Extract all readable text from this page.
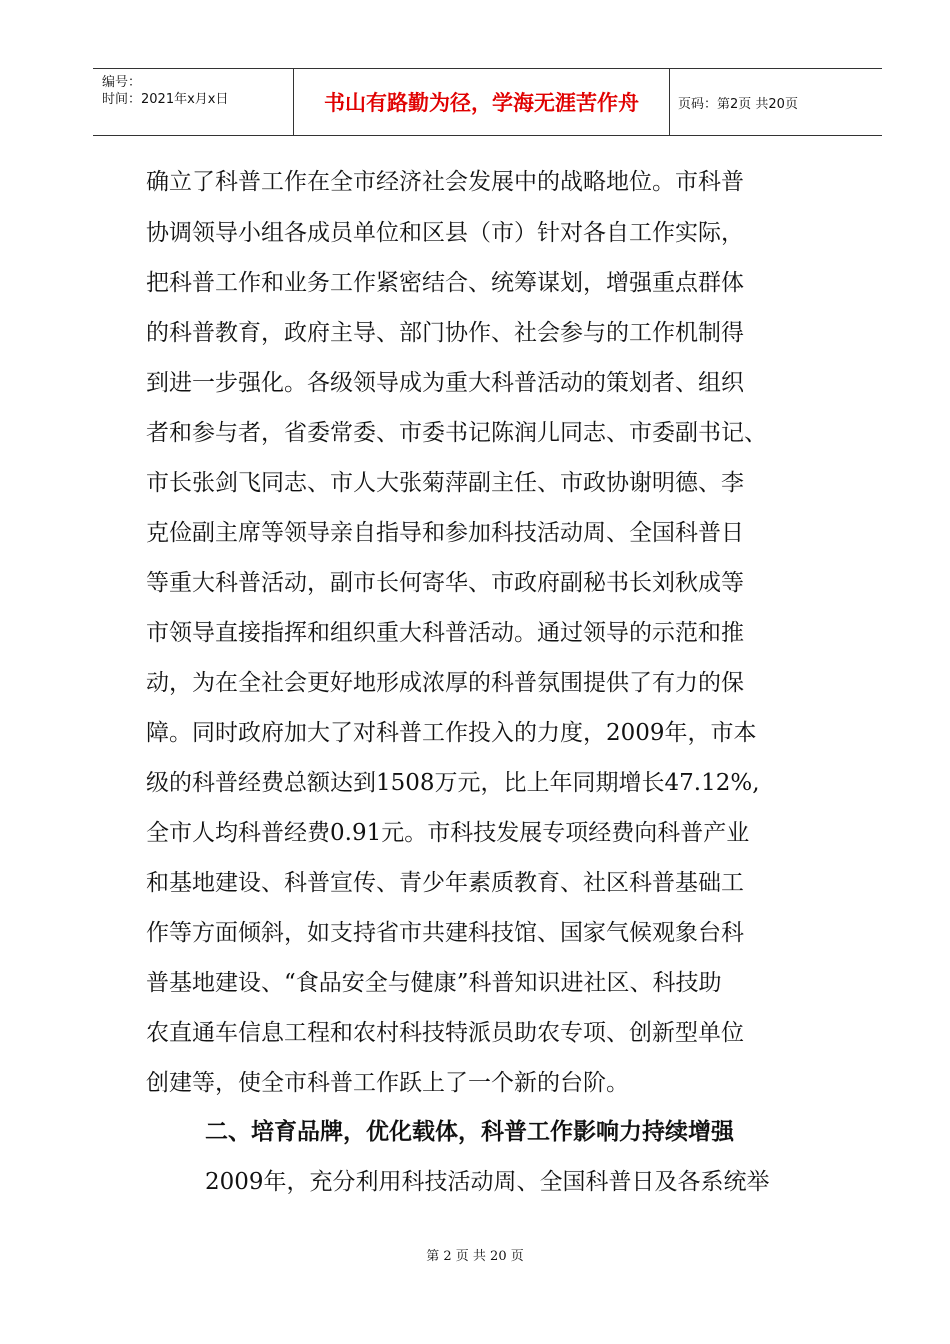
编号：
时间：2021年x月x日	书山有路勤为径，学海无涯苦作舟	页码：第2页 共20页
确立了科普工作在全市经济社会发展中的战略地位。市科普
协调领导小组各成员单位和区县（市）针对各自工作实际，
把科普工作和业务工作紧密结合、统筹谋划，增强重点群体
的科普教育，政府主导、部门协作、社会参与的工作机制得
到进一步强化。各级领导成为重大科普活动的策划者、组织
者和参与者，省委常委、市委书记陈润儿同志、市委副书记、
市长张剑飞同志、市人大张菊萍副主任、市政协谢明德、李
克俭副主席等领导亲自指导和参加科技活动周、全国科普日
等重大科普活动，副市长何寄华、市政府副秘书长刘秋成等
市领导直接指挥和组织重大科普活动。通过领导的示范和推
动，为在全社会更好地形成浓厚的科普氛围提供了有力的保
障。同时政府加大了对科普工作投入的力度，2009年，市本
级的科普经费总额达到1508万元，比上年同期增长47.12%,
全市人均科普经费0.91元。市科技发展专项经费向科普产业
和基地建设、科普宣传、青少年素质教育、社区科普基础工
作等方面倾斜，如支持省市共建科技馆、国家气候观象台科
普基地建设、“食品安全与健康”科普知识进社区、科技助
农直通车信息工程和农村科技特派员助农专项、创新型单位
创建等，使全市科普工作跃上了一个新的台阶。
二、培育品牌，优化载体，科普工作影响力持续增强
2009年，充分利用科技活动周、全国科普日及各系统举
第 2 页 共 20 页
